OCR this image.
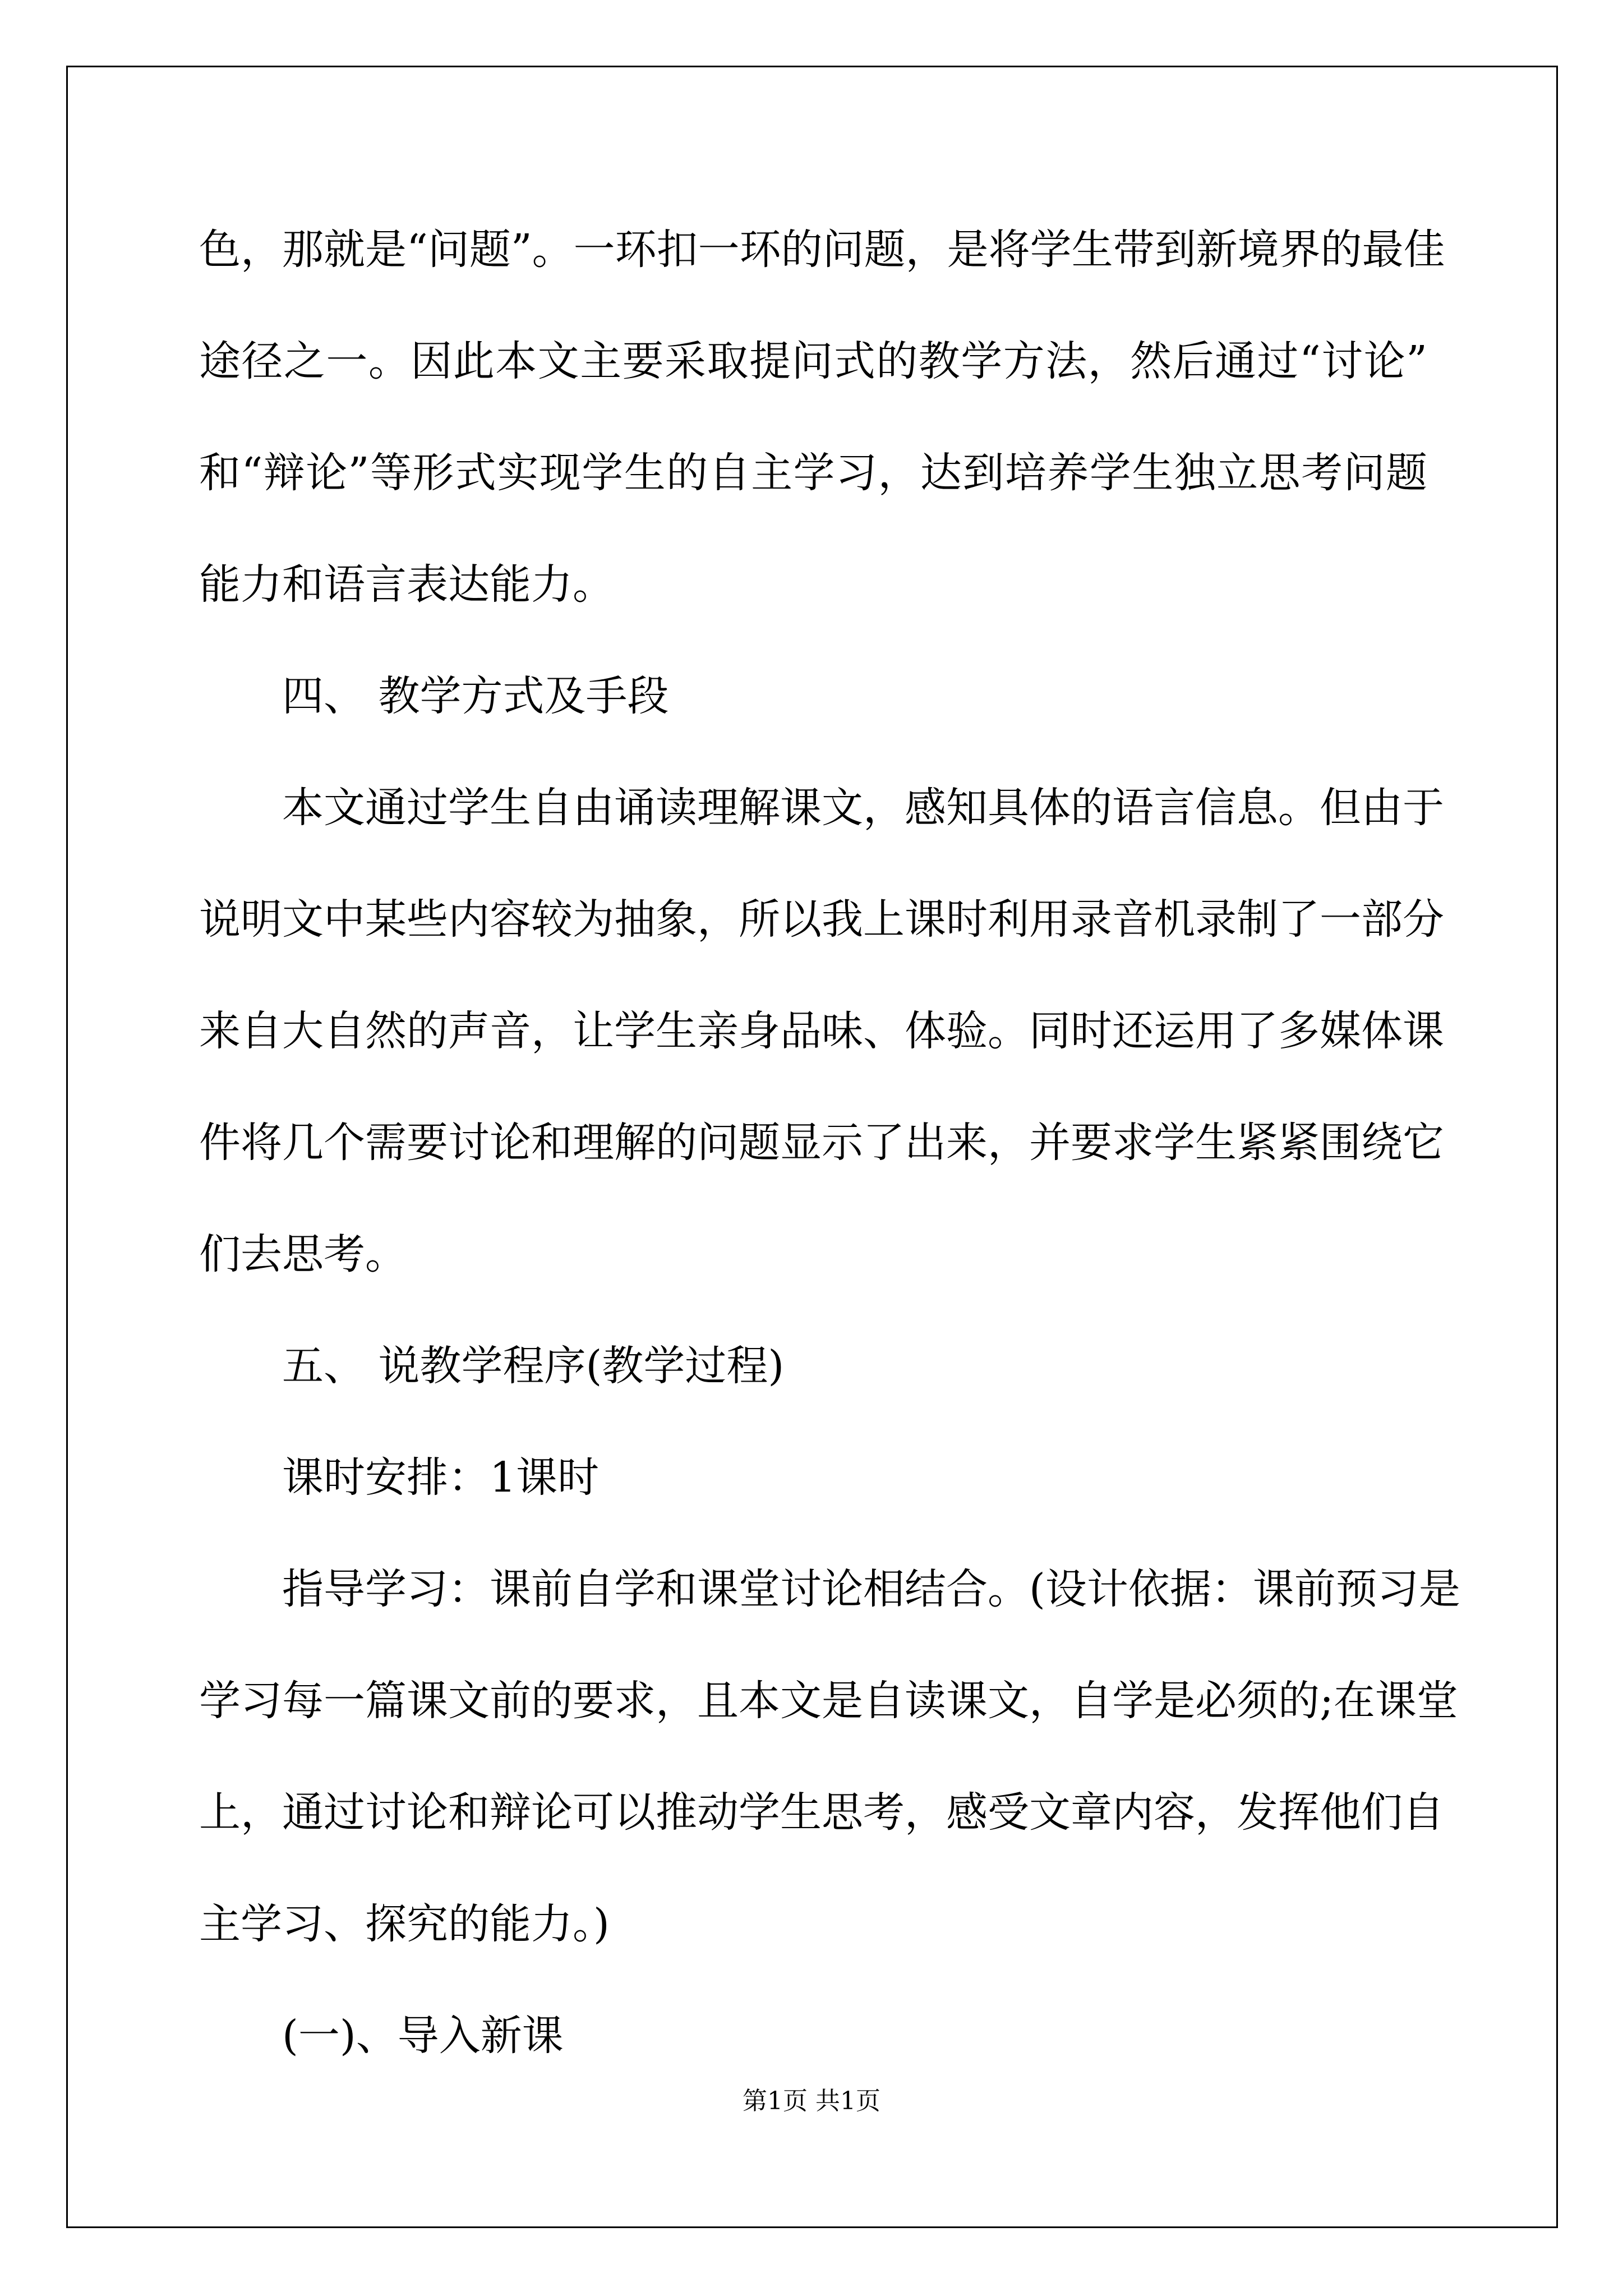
色，那就是“问题”。一环扣一环的问题，是将学生带到新境界的最佳
途径之一。因此本文主要采取提问式的教学方法，然后通过“讨论”
和“辩论”等形式实现学生的自主学习，达到培养学生独立思考问题
能力和语言表达能力。
四、 教学方式及手段
本文通过学生自由诵读理解课文，感知具体的语言信息。但由于
说明文中某些内容较为抽象，所以我上课时利用录音机录制了一部分
来自大自然的声音，让学生亲身品味、体验。同时还运用了多媒体课
件将几个需要讨论和理解的问题显示了出来，并要求学生紧紧围绕它
们去思考。
五、 说教学程序(教学过程)
课时安排：1课时
指导学习：课前自学和课堂讨论相结合。(设计依据：课前预习是
学习每一篇课文前的要求，且本文是自读课文，自学是必须的;在课堂
上，通过讨论和辩论可以推动学生思考，感受文章内容，发挥他们自
主学习、探究的能力。)
(一)、导入新课
第1页 共1页
